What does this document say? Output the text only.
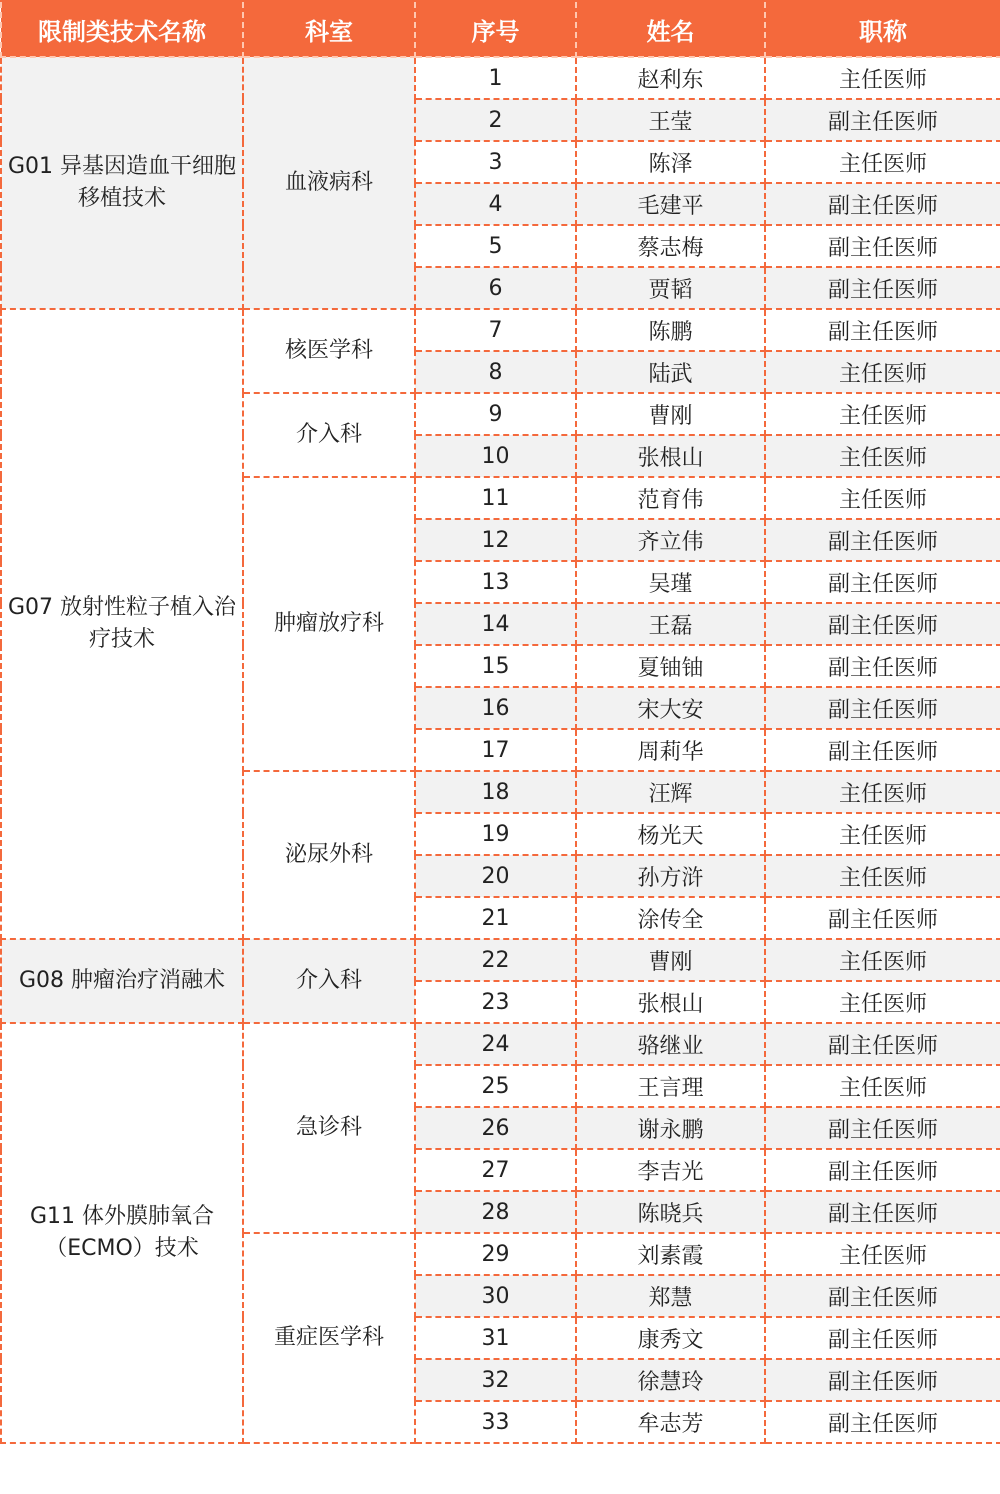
限制类技术名称	科室	序号	姓名	职称
G01 异基因造血干细胞移植技术	血液病科	1	赵利东	主任医师
		2	王莹	副主任医师
		3	陈泽	主任医师
		4	毛建平	副主任医师
		5	蔡志梅	副主任医师
		6	贾韬	副主任医师
G07 放射性粒子植入治疗技术	核医学科	7	陈鹏	副主任医师
		8	陆武	主任医师
	介入科	9	曹刚	主任医师
		10	张根山	主任医师
	肿瘤放疗科	11	范育伟	主任医师
		12	齐立伟	副主任医师
		13	吴瑾	副主任医师
		14	王磊	副主任医师
		15	夏铀铀	副主任医师
		16	宋大安	副主任医师
		17	周莉华	副主任医师
	泌尿外科	18	汪辉	主任医师
		19	杨光天	主任医师
		20	孙方浒	主任医师
		21	涂传全	副主任医师
G08 肿瘤治疗消融术	介入科	22	曹刚	主任医师
		23	张根山	主任医师
G11 体外膜肺氧合（ECMO）技术	急诊科	24	骆继业	副主任医师
		25	王言理	主任医师
		26	谢永鹏	副主任医师
		27	李吉光	副主任医师
		28	陈晓兵	副主任医师
	重症医学科	29	刘素霞	主任医师
		30	郑慧	副主任医师
		31	康秀文	副主任医师
		32	徐慧玲	副主任医师
		33	牟志芳	副主任医师
